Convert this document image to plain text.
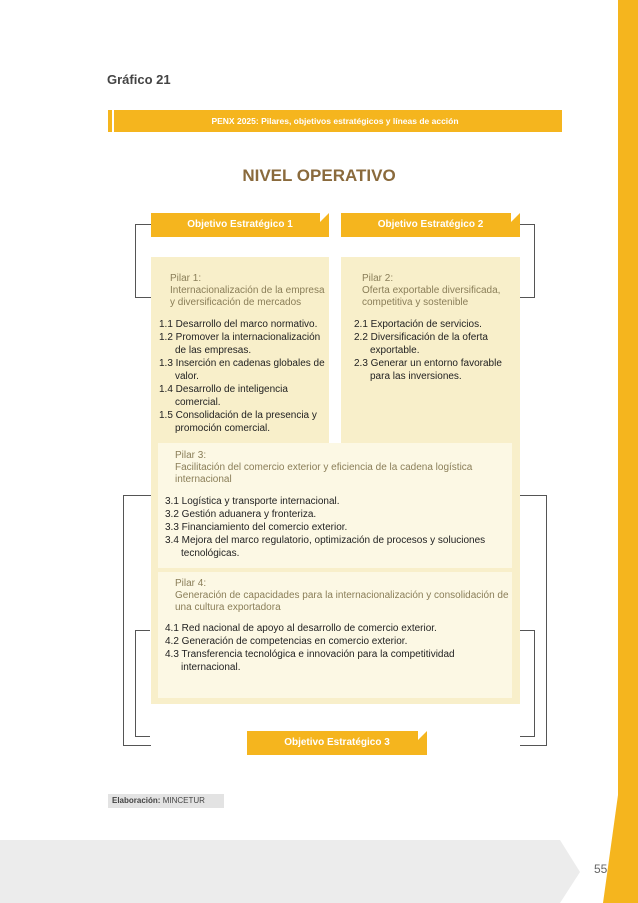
55
Gráfico 21
PENX 2025: Pilares, objetivos estratégicos y líneas de acción
NIVEL OPERATIVO
Objetivo Estratégico 1	Objetivo Estratégico 2
Pilar 1:
Internacionalización de la empresa
y diversificación de mercados
1.1 Desarrollo del marco normativo.
1.2 Promover la internacionalización de las empresas.
1.3 Inserción en cadenas globales de valor.
1.4 Desarrollo de inteligencia comercial.
1.5 Consolidación de la presencia y promoción comercial.
Pilar 2:
Oferta exportable diversificada,
competitiva y sostenible
2.1 Exportación de servicios.
2.2 Diversificación de la oferta exportable.
2.3 Generar un entorno favorable para las inversiones.
Pilar 3:
Facilitación del comercio exterior y eficiencia de la cadena logística
internacional
3.1 Logística y transporte internacional.
3.2 Gestión aduanera y fronteriza.
3.3 Financiamiento del comercio exterior.
3.4 Mejora del marco regulatorio, optimización de procesos y soluciones tecnológicas.
Pilar 4:
Generación de capacidades para la internacionalización y consolidación de
una cultura exportadora
4.1 Red nacional de apoyo al desarrollo de comercio exterior.
4.2 Generación de competencias en comercio exterior.
4.3 Transferencia tecnológica e innovación para la competitividad internacional.
Objetivo Estratégico 3
Elaboración: MINCETUR
